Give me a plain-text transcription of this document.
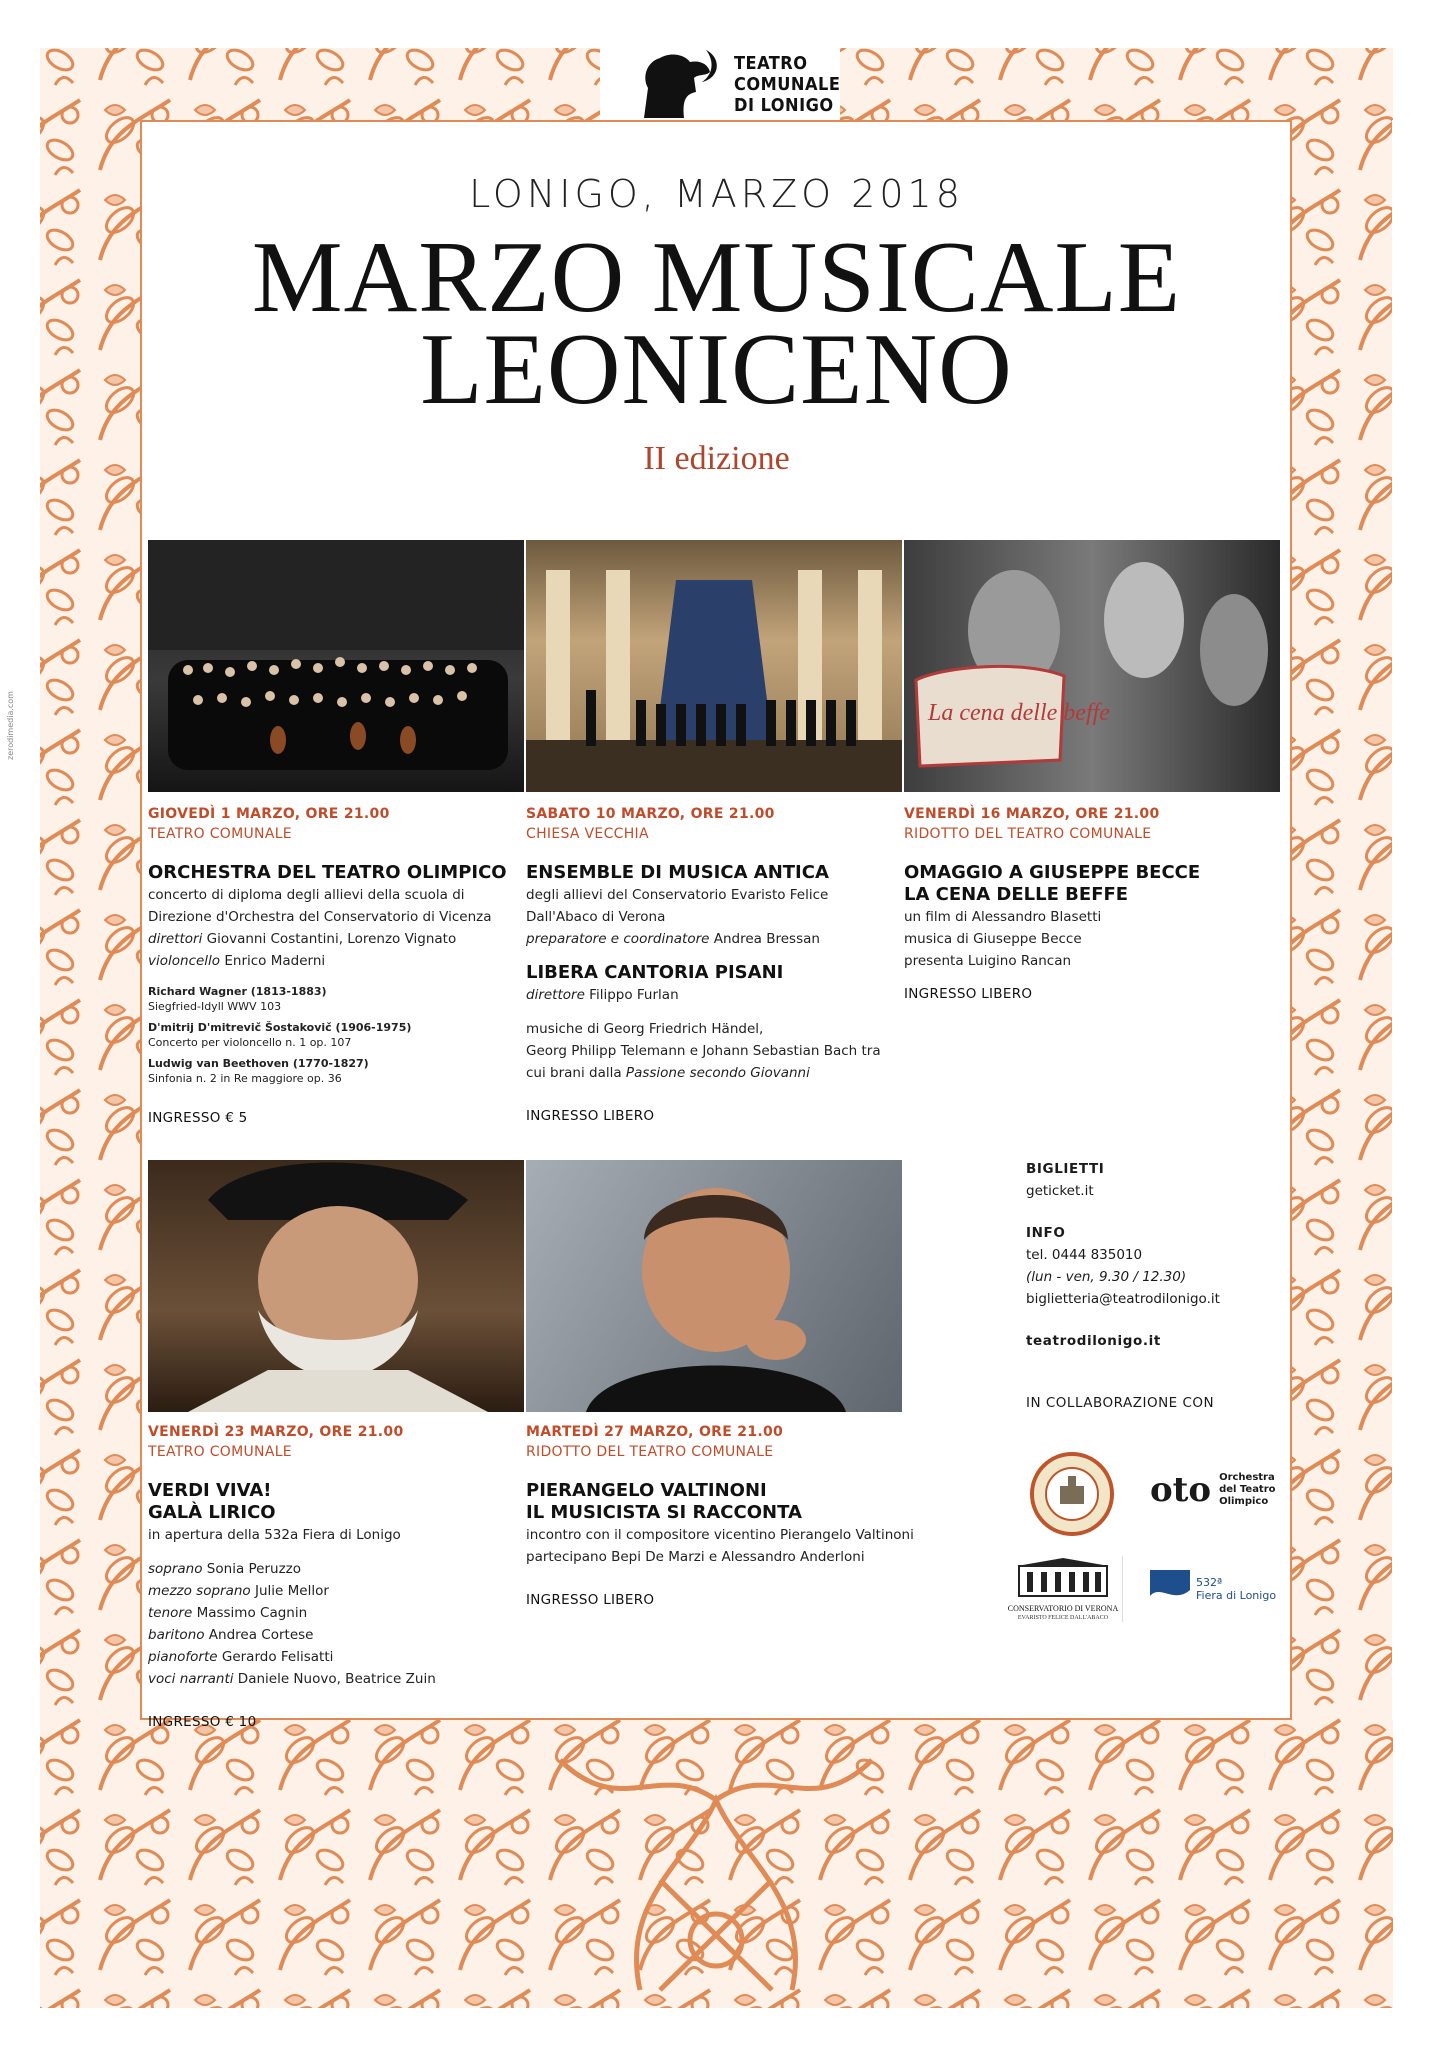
TEATRO
COMUNALE
DI LONIGO
LONIGO, MARZO 2018
MARZO MUSICALE
LEONICENO
II edizione
La cena delle beffe
GIOVEDÌ 1 MARZO, ORE 21.00
TEATRO COMUNALE
ORCHESTRA DEL TEATRO OLIMPICO
concerto di diploma degli allievi della scuola di
Direzione d'Orchestra del Conservatorio di Vicenza
direttori Giovanni Costantini, Lorenzo Vignato
violoncello Enrico Maderni
Richard Wagner (1813-1883)
Siegfried-Idyll WWV 103
D'mitrij D'mitrevič Šostakovič (1906-1975)
Concerto per violoncello n. 1 op. 107
Ludwig van Beethoven (1770-1827)
Sinfonia n. 2 in Re maggiore op. 36
INGRESSO € 5
SABATO 10 MARZO, ORE 21.00
CHIESA VECCHIA
ENSEMBLE DI MUSICA ANTICA
degli allievi del Conservatorio Evaristo Felice
Dall'Abaco di Verona
preparatore e coordinatore Andrea Bressan
LIBERA CANTORIA PISANI
direttore Filippo Furlan
musiche di Georg Friedrich Händel,
Georg Philipp Telemann e Johann Sebastian Bach tra
cui brani dalla Passione secondo Giovanni
INGRESSO LIBERO
VENERDÌ 16 MARZO, ORE 21.00
RIDOTTO DEL TEATRO COMUNALE
OMAGGIO A GIUSEPPE BECCE
LA CENA DELLE BEFFE
un film di Alessandro Blasetti
musica di Giuseppe Becce
presenta Luigino Rancan
INGRESSO LIBERO
VENERDÌ 23 MARZO, ORE 21.00
TEATRO COMUNALE
VERDI VIVA!
GALÀ LIRICO
in apertura della 532a Fiera di Lonigo
soprano Sonia Peruzzo
mezzo soprano Julie Mellor
tenore Massimo Cagnin
baritono Andrea Cortese
pianoforte Gerardo Felisatti
voci narranti Daniele Nuovo, Beatrice Zuin
INGRESSO € 10
MARTEDÌ 27 MARZO, ORE 21.00
RIDOTTO DEL TEATRO COMUNALE
PIERANGELO VALTINONI
IL MUSICISTA SI RACCONTA
incontro con il compositore vicentino Pierangelo Valtinoni
partecipano Bepi De Marzi e Alessandro Anderloni
INGRESSO LIBERO
BIGLIETTI
geticket.it
INFO
tel. 0444 835010
(lun - ven, 9.30 / 12.30)
biglietteria@teatrodilonigo.it
teatrodilonigo.it
IN COLLABORAZIONE CON
oto Orchestra
del Teatro
Olimpico
CONSERVATORIO DI VERONA
EVARISTO FELICE DALL'ABACO
532ª
Fiera di Lonigo
zerodimedia.com
